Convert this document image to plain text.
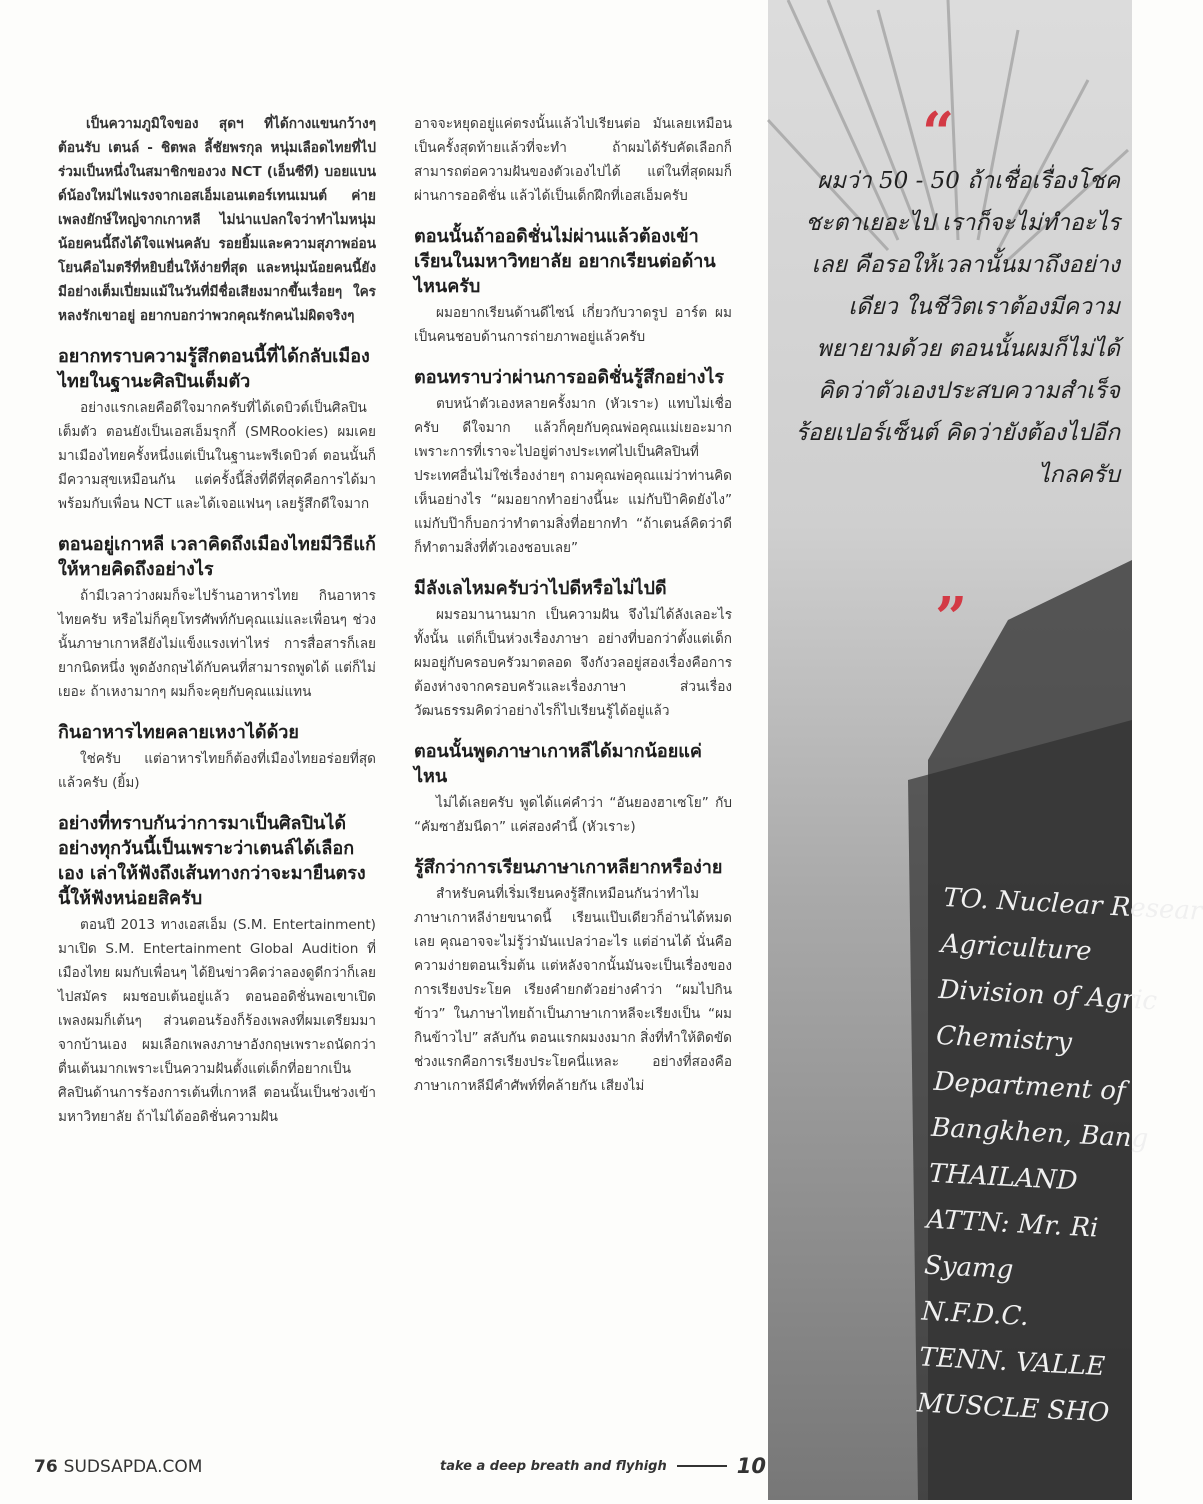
TO. Nuclear Resear
Agriculture
Division of Agric
Chemistry
Department of
Bangkhen, Bang
THAILAND
ATTN: Mr. Ri
Syamg
N.F.D.C.
TENN. VALLE
MUSCLE SHO
“
ผมว่า 50 - 50 ถ้าเชื่อเรื่องโชคชะตาเยอะไป เราก็จะไม่ทำอะไรเลย คือรอให้เวลานั้นมาถึงอย่างเดียว ในชีวิตเราต้องมีความพยายามด้วย ตอนนั้นผมก็ไม่ได้คิดว่าตัวเองประสบความสำเร็จร้อยเปอร์เซ็นต์ คิดว่ายังต้องไปอีกไกลครับ
”

เป็นความภูมิใจของ สุดฯ ที่ได้กางแขนกว้างๆ ต้อนรับ เตนล์ - ชิตพล ลี้ชัยพรกุล หนุ่มเลือดไทยที่ไปร่วมเป็นหนึ่งในสมาชิกของวง NCT (เอ็นซีที) บอยแบนด์น้องใหม่ไฟแรงจากเอสเอ็มเอนเตอร์เทนเมนต์ ค่ายเพลงยักษ์ใหญ่จากเกาหลี ไม่น่าแปลกใจว่าทำไมหนุ่มน้อยคนนี้ถึงได้ใจแฟนคลับ รอยยิ้มและความสุภาพอ่อนโยนคือไมตรีที่หยิบยื่นให้ง่ายที่สุด และหนุ่มน้อยคนนี้ยังมีอย่างเต็มเปี่ยมแม้ในวันที่มีชื่อเสียงมากขึ้นเรื่อยๆ ใครหลงรักเขาอยู่ อยากบอกว่าพวกคุณรักคนไม่ผิดจริงๆ

อยากทราบความรู้สึกตอนนี้ที่ได้กลับเมืองไทยในฐานะศิลปินเต็มตัว

อย่างแรกเลยคือดีใจมากครับที่ได้เดบิวต์เป็นศิลปินเต็มตัว ตอนยังเป็นเอสเอ็มรุกกี้ (SMRookies) ผมเคยมาเมืองไทยครั้งหนึ่งแต่เป็นในฐานะพรีเดบิวต์ ตอนนั้นก็มีความสุขเหมือนกัน แต่ครั้งนี้สิ่งที่ดีที่สุดคือการได้มาพร้อมกับเพื่อน NCT และได้เจอแฟนๆ เลยรู้สึกดีใจมาก

ตอนอยู่เกาหลี เวลาคิดถึงเมืองไทยมีวิธีแก้ให้หายคิดถึงอย่างไร

ถ้ามีเวลาว่างผมก็จะไปร้านอาหารไทย กินอาหารไทยครับ หรือไม่ก็คุยโทรศัพท์กับคุณแม่และเพื่อนๆ ช่วงนั้นภาษาเกาหลียังไม่แข็งแรงเท่าไหร่ การสื่อสารก็เลยยากนิดหนึ่ง พูดอังกฤษได้กับคนที่สามารถพูดได้ แต่ก็ไม่เยอะ ถ้าเหงามากๆ ผมก็จะคุยกับคุณแม่แทน

กินอาหารไทยคลายเหงาได้ด้วย

ใช่ครับ แต่อาหารไทยก็ต้องที่เมืองไทยอร่อยที่สุดแล้วครับ (ยิ้ม)

อย่างที่ทราบกันว่าการมาเป็นศิลปินได้อย่างทุกวันนี้เป็นเพราะว่าเตนล์ได้เลือกเอง เล่าให้ฟังถึงเส้นทางกว่าจะมายืนตรงนี้ให้ฟังหน่อยสิครับ

ตอนปี 2013 ทางเอสเอ็ม (S.M. Entertainment) มาเปิด S.M. Entertainment Global Audition ที่เมืองไทย ผมกับเพื่อนๆ ได้ยินข่าวคิดว่าลองดูดีกว่าก็เลยไปสมัคร ผมชอบเต้นอยู่แล้ว ตอนออดิชั่นพอเขาเปิดเพลงผมก็เต้นๆ ส่วนตอนร้องก็ร้องเพลงที่ผมเตรียมมาจากบ้านเอง ผมเลือกเพลงภาษาอังกฤษเพราะถนัดกว่า ตื่นเต้นมากเพราะเป็นความฝันตั้งแต่เด็กที่อยากเป็นศิลปินด้านการร้องการเต้นที่เกาหลี ตอนนั้นเป็นช่วงเข้ามหาวิทยาลัย ถ้าไม่ได้ออดิชั่นความฝัน

อาจจะหยุดอยู่แค่ตรงนั้นแล้วไปเรียนต่อ มันเลยเหมือนเป็นครั้งสุดท้ายแล้วที่จะทำ ถ้าผมได้รับคัดเลือกก็สามารถต่อความฝันของตัวเองไปได้ แต่ในที่สุดผมก็ผ่านการออดิชั่น แล้วได้เป็นเด็กฝึกที่เอสเอ็มครับ

ตอนนั้นถ้าออดิชั่นไม่ผ่านแล้วต้องเข้าเรียนในมหาวิทยาลัย อยากเรียนต่อด้านไหนครับ

ผมอยากเรียนด้านดีไซน์ เกี่ยวกับวาดรูป อาร์ต ผมเป็นคนชอบด้านการถ่ายภาพอยู่แล้วครับ

ตอนทราบว่าผ่านการออดิชั่นรู้สึกอย่างไร

ตบหน้าตัวเองหลายครั้งมาก (หัวเราะ) แทบไม่เชื่อครับ ดีใจมาก แล้วก็คุยกับคุณพ่อคุณแม่เยอะมาก เพราะการที่เราจะไปอยู่ต่างประเทศไปเป็นศิลปินที่ประเทศอื่นไม่ใช่เรื่องง่ายๆ ถามคุณพ่อคุณแม่ว่าท่านคิดเห็นอย่างไร “ผมอยากทำอย่างนี้นะ แม่กับป๊าคิดยังไง” แม่กับป๊าก็บอกว่าทำตามสิ่งที่อยากทำ “ถ้าเตนล์คิดว่าดีก็ทำตามสิ่งที่ตัวเองชอบเลย”

มีลังเลไหมครับว่าไปดีหรือไม่ไปดี

ผมรอมานานมาก เป็นความฝัน จึงไม่ได้ลังเลอะไรทั้งนั้น แต่ก็เป็นห่วงเรื่องภาษา อย่างที่บอกว่าตั้งแต่เด็กผมอยู่กับครอบครัวมาตลอด จึงกังวลอยู่สองเรื่องคือการต้องห่างจากครอบครัวและเรื่องภาษา ส่วนเรื่องวัฒนธรรมคิดว่าอย่างไรก็ไปเรียนรู้ได้อยู่แล้ว

ตอนนั้นพูดภาษาเกาหลีได้มากน้อยแค่ไหน

ไม่ได้เลยครับ พูดได้แค่คำว่า “อันยองฮาเซโย” กับ “คัมซาฮัมนีดา” แค่สองคำนี้ (หัวเราะ)

รู้สึกว่าการเรียนภาษาเกาหลียากหรือง่าย

สำหรับคนที่เริ่มเรียนคงรู้สึกเหมือนกันว่าทำไมภาษาเกาหลีง่ายขนาดนี้ เรียนแป๊บเดียวก็อ่านได้หมดเลย คุณอาจจะไม่รู้ว่ามันแปลว่าอะไร แต่อ่านได้ นั่นคือความง่ายตอนเริ่มต้น แต่หลังจากนั้นมันจะเป็นเรื่องของการเรียงประโยค เรียงคำยกตัวอย่างคำว่า “ผมไปกินข้าว” ในภาษาไทยถ้าเป็นภาษาเกาหลีจะเรียงเป็น “ผมกินข้าวไป” สลับกัน ตอนแรกผมงงมาก สิ่งที่ทำให้ติดขัดช่วงแรกคือการเรียงประโยคนี่แหละ อย่างที่สองคือภาษาเกาหลีมีคำศัพท์ที่คล้ายกัน เสียงไม่

76 SUDSAPDA.COM	take a deep breath and flyhigh	10
